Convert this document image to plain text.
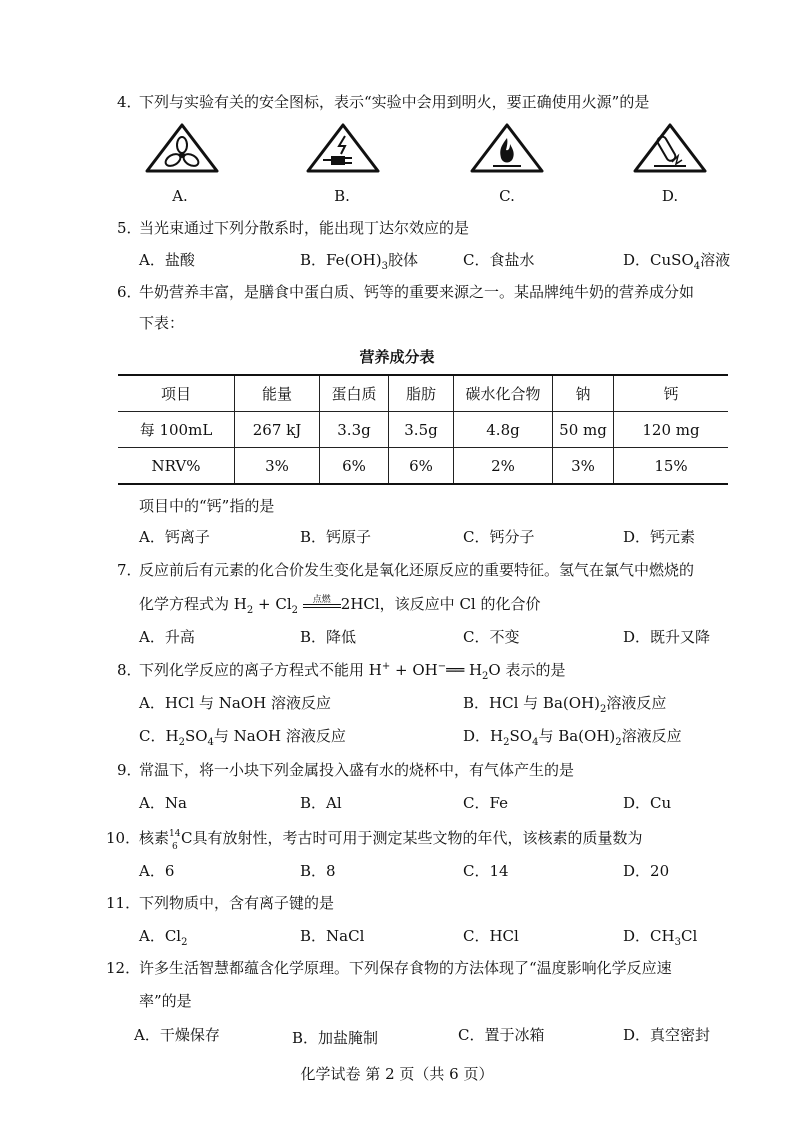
4．
下列与实验有关的安全图标，表示“实验中会用到明火，要正确使用火源”的是
A.	B.	C.	D.
5．
当光束通过下列分散系时，能出现丁达尔效应的是
A．盐酸	B．$Fe(OH)_3$胶体	C．食盐水	D．CuSO$_4$溶液
6．
牛奶营养丰富，是膳食中蛋白质、钙等的重要来源之一。某品牌纯牛奶的营养成分如
下表：
营养成分表
项目	能量	蛋白质	脂肪	碳水化合物	钠	钙
每 100mL	267 kJ	3.3g	3.5g	4.8g	50 mg	120 mg
NRV%	3%	6%	6%	2%	3%	15%
项目中的“钙”指的是
A．钙离子	B．钙原子	C．钙分子	D．钙元素
7．
反应前后有元素的化合价发生变化是氧化还原反应的重要特征。氢气在氯气中燃烧的
化学方程式为 $H_2 + Cl_2$
点燃 2HCl，该反应中 Cl 的化合价
A．升高	B．降低	C．不变	D．既升又降
8．
下列化学反应的离子方程式不能用 H+ + OH−══ $H_2O$ 表示的是
A．HCl 与 NaOH 溶液反应	B．HCl 与 $Ba(OH)_2$溶液反应
C．$H_2SO_4$与 NaOH 溶液反应	D．$H_2SO_4$与 $Ba(OH)_2$溶液反应
9．
常温下，将一小块下列金属投入盛有水的烧杯中，有气体产生的是
A．Na	B．Al	C．Fe	D．Cu
10．
核素 14
6 C具有放射性，考古时可用于测定某些文物的年代，该核素的质量数为
A．6	B．8	C．14	D．20
11．
下列物质中，含有离子键的是
A．$Cl_2$	B．NaCl	C．HCl	D．$CH_3Cl$
12．
许多生活智慧都蕴含化学原理。下列保存食物的方法体现了“温度影响化学反应速
率”的是
A．干燥保存	B．加盐腌制	C．置于冰箱	D．真空密封
化学试卷 第 2 页（共 6 页）
